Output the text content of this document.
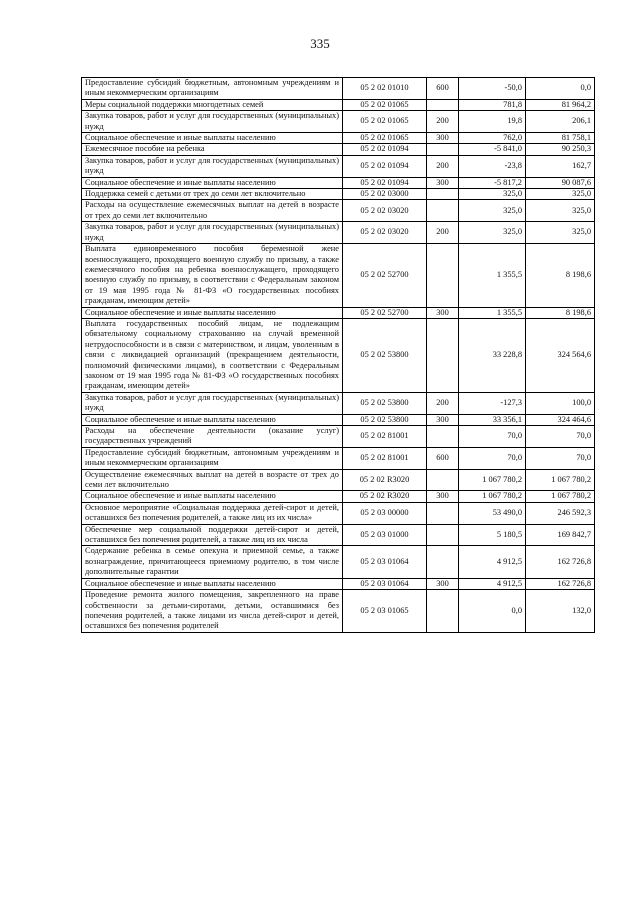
335
Предоставление субсидий бюджетным, автономным учреждениям и иным некоммерческим организациям	05 2 02 01010	600	-50,0	0,0
Меры социальной поддержки многодетных семей	05 2 02 01065		781,8	81 964,2
Закупка товаров, работ и услуг для государственных (муниципальных) нужд	05 2 02 01065	200	19,8	206,1
Социальное обеспечение и иные выплаты населению	05 2 02 01065	300	762,0	81 758,1
Ежемесячное пособие на ребенка	05 2 02 01094		-5 841,0	90 250,3
Закупка товаров, работ и услуг для государственных (муниципальных) нужд	05 2 02 01094	200	-23,8	162,7
Социальное обеспечение и иные выплаты населению	05 2 02 01094	300	-5 817,2	90 087,6
Поддержка семей с детьми от трех до семи лет включительно	05 2 02 03000		325,0	325,0
Расходы на осуществление ежемесячных выплат на детей в возрасте от трех до семи лет включительно	05 2 02 03020		325,0	325,0
Закупка товаров, работ и услуг для государственных (муниципальных) нужд	05 2 02 03020	200	325,0	325,0
Выплата единовременного пособия беременной жене военнослужащего, проходящего военную службу по призыву, а также ежемесячного пособия на ребенка военнослужащего, проходящего военную службу по призыву, в соответствии с Федеральным законом от 19 мая 1995 года № 81-ФЗ «О государственных пособиях гражданам, имеющим детей»	05 2 02 52700		1 355,5	8 198,6
Социальное обеспечение и иные выплаты населению	05 2 02 52700	300	1 355,5	8 198,6
Выплата государственных пособий лицам, не подлежащим обязательному социальному страхованию на случай временной нетрудоспособности и в связи с материнством, и лицам, уволенным в связи с ликвидацией организаций (прекращением деятельности, полномочий физическими лицами), в соответствии с Федеральным законом от 19 мая 1995 года № 81-ФЗ «О государственных пособиях гражданам, имеющим детей»	05 2 02 53800		33 228,8	324 564,6
Закупка товаров, работ и услуг для государственных (муниципальных) нужд	05 2 02 53800	200	-127,3	100,0
Социальное обеспечение и иные выплаты населению	05 2 02 53800	300	33 356,1	324 464,6
Расходы на обеспечение деятельности (оказание услуг) государственных учреждений	05 2 02 81001		70,0	70,0
Предоставление субсидий бюджетным, автономным учреждениям и иным некоммерческим организациям	05 2 02 81001	600	70,0	70,0
Осуществление ежемесячных выплат на детей в возрасте от трех до семи лет включительно	05 2 02 R3020		1 067 780,2	1 067 780,2
Социальное обеспечение и иные выплаты населению	05 2 02 R3020	300	1 067 780,2	1 067 780,2
Основное мероприятие «Социальная поддержка детей-сирот и детей, оставшихся без попечения родителей, а также лиц из их числа»	05 2 03 00000		53 490,0	246 592,3
Обеспечение мер социальной поддержки детей-сирот и детей, оставшихся без попечения родителей, а также лиц из их числа	05 2 03 01000		5 180,5	169 842,7
Содержание ребенка в семье опекуна и приемной семье, а также вознаграждение, причитающееся приемному родителю, в том числе дополнительные гарантии	05 2 03 01064		4 912,5	162 726,8
Социальное обеспечение и иные выплаты населению	05 2 03 01064	300	4 912,5	162 726,8
Проведение ремонта жилого помещения, закрепленного на праве собственности за детьми-сиротами, детьми, оставшимися без попечения родителей, а также лицами из числа детей-сирот и детей, оставшихся без попечения родителей	05 2 03 01065		0,0	132,0
